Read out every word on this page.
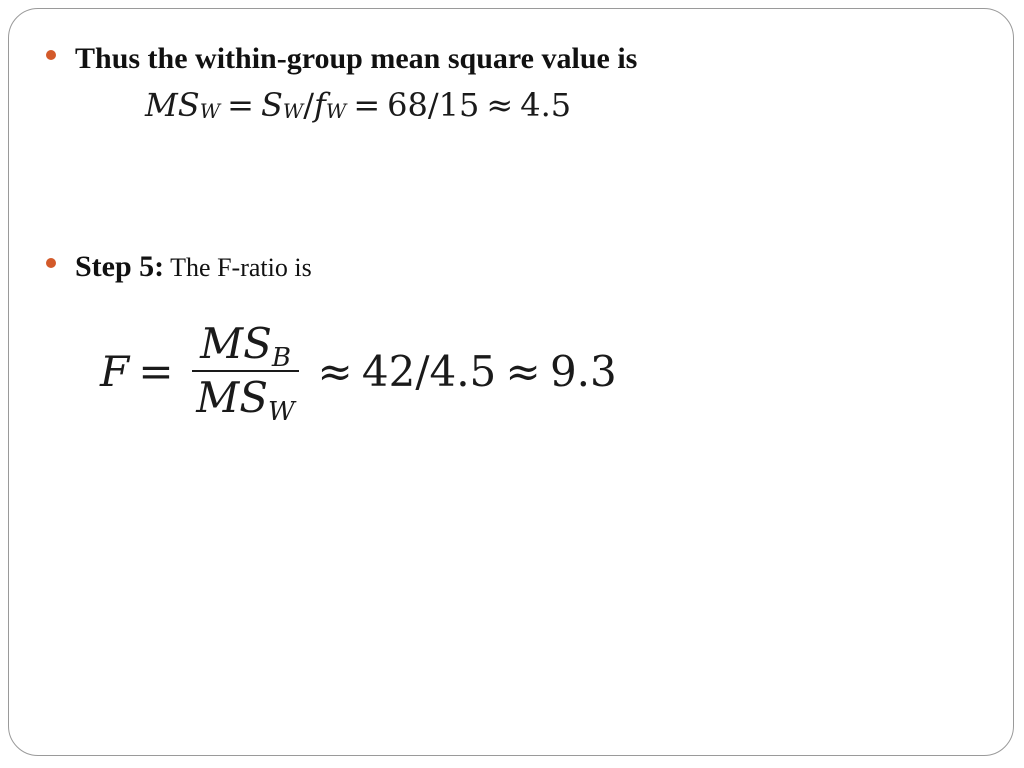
Thus the within-group mean square value is
MS W = S W / f W = 68/15 ≈ 4.5
Step 5: The F-ratio is
$F = \frac{\text{MSB}}{\text{MSW}} \approx 42/4.5 \approx 9.3$
